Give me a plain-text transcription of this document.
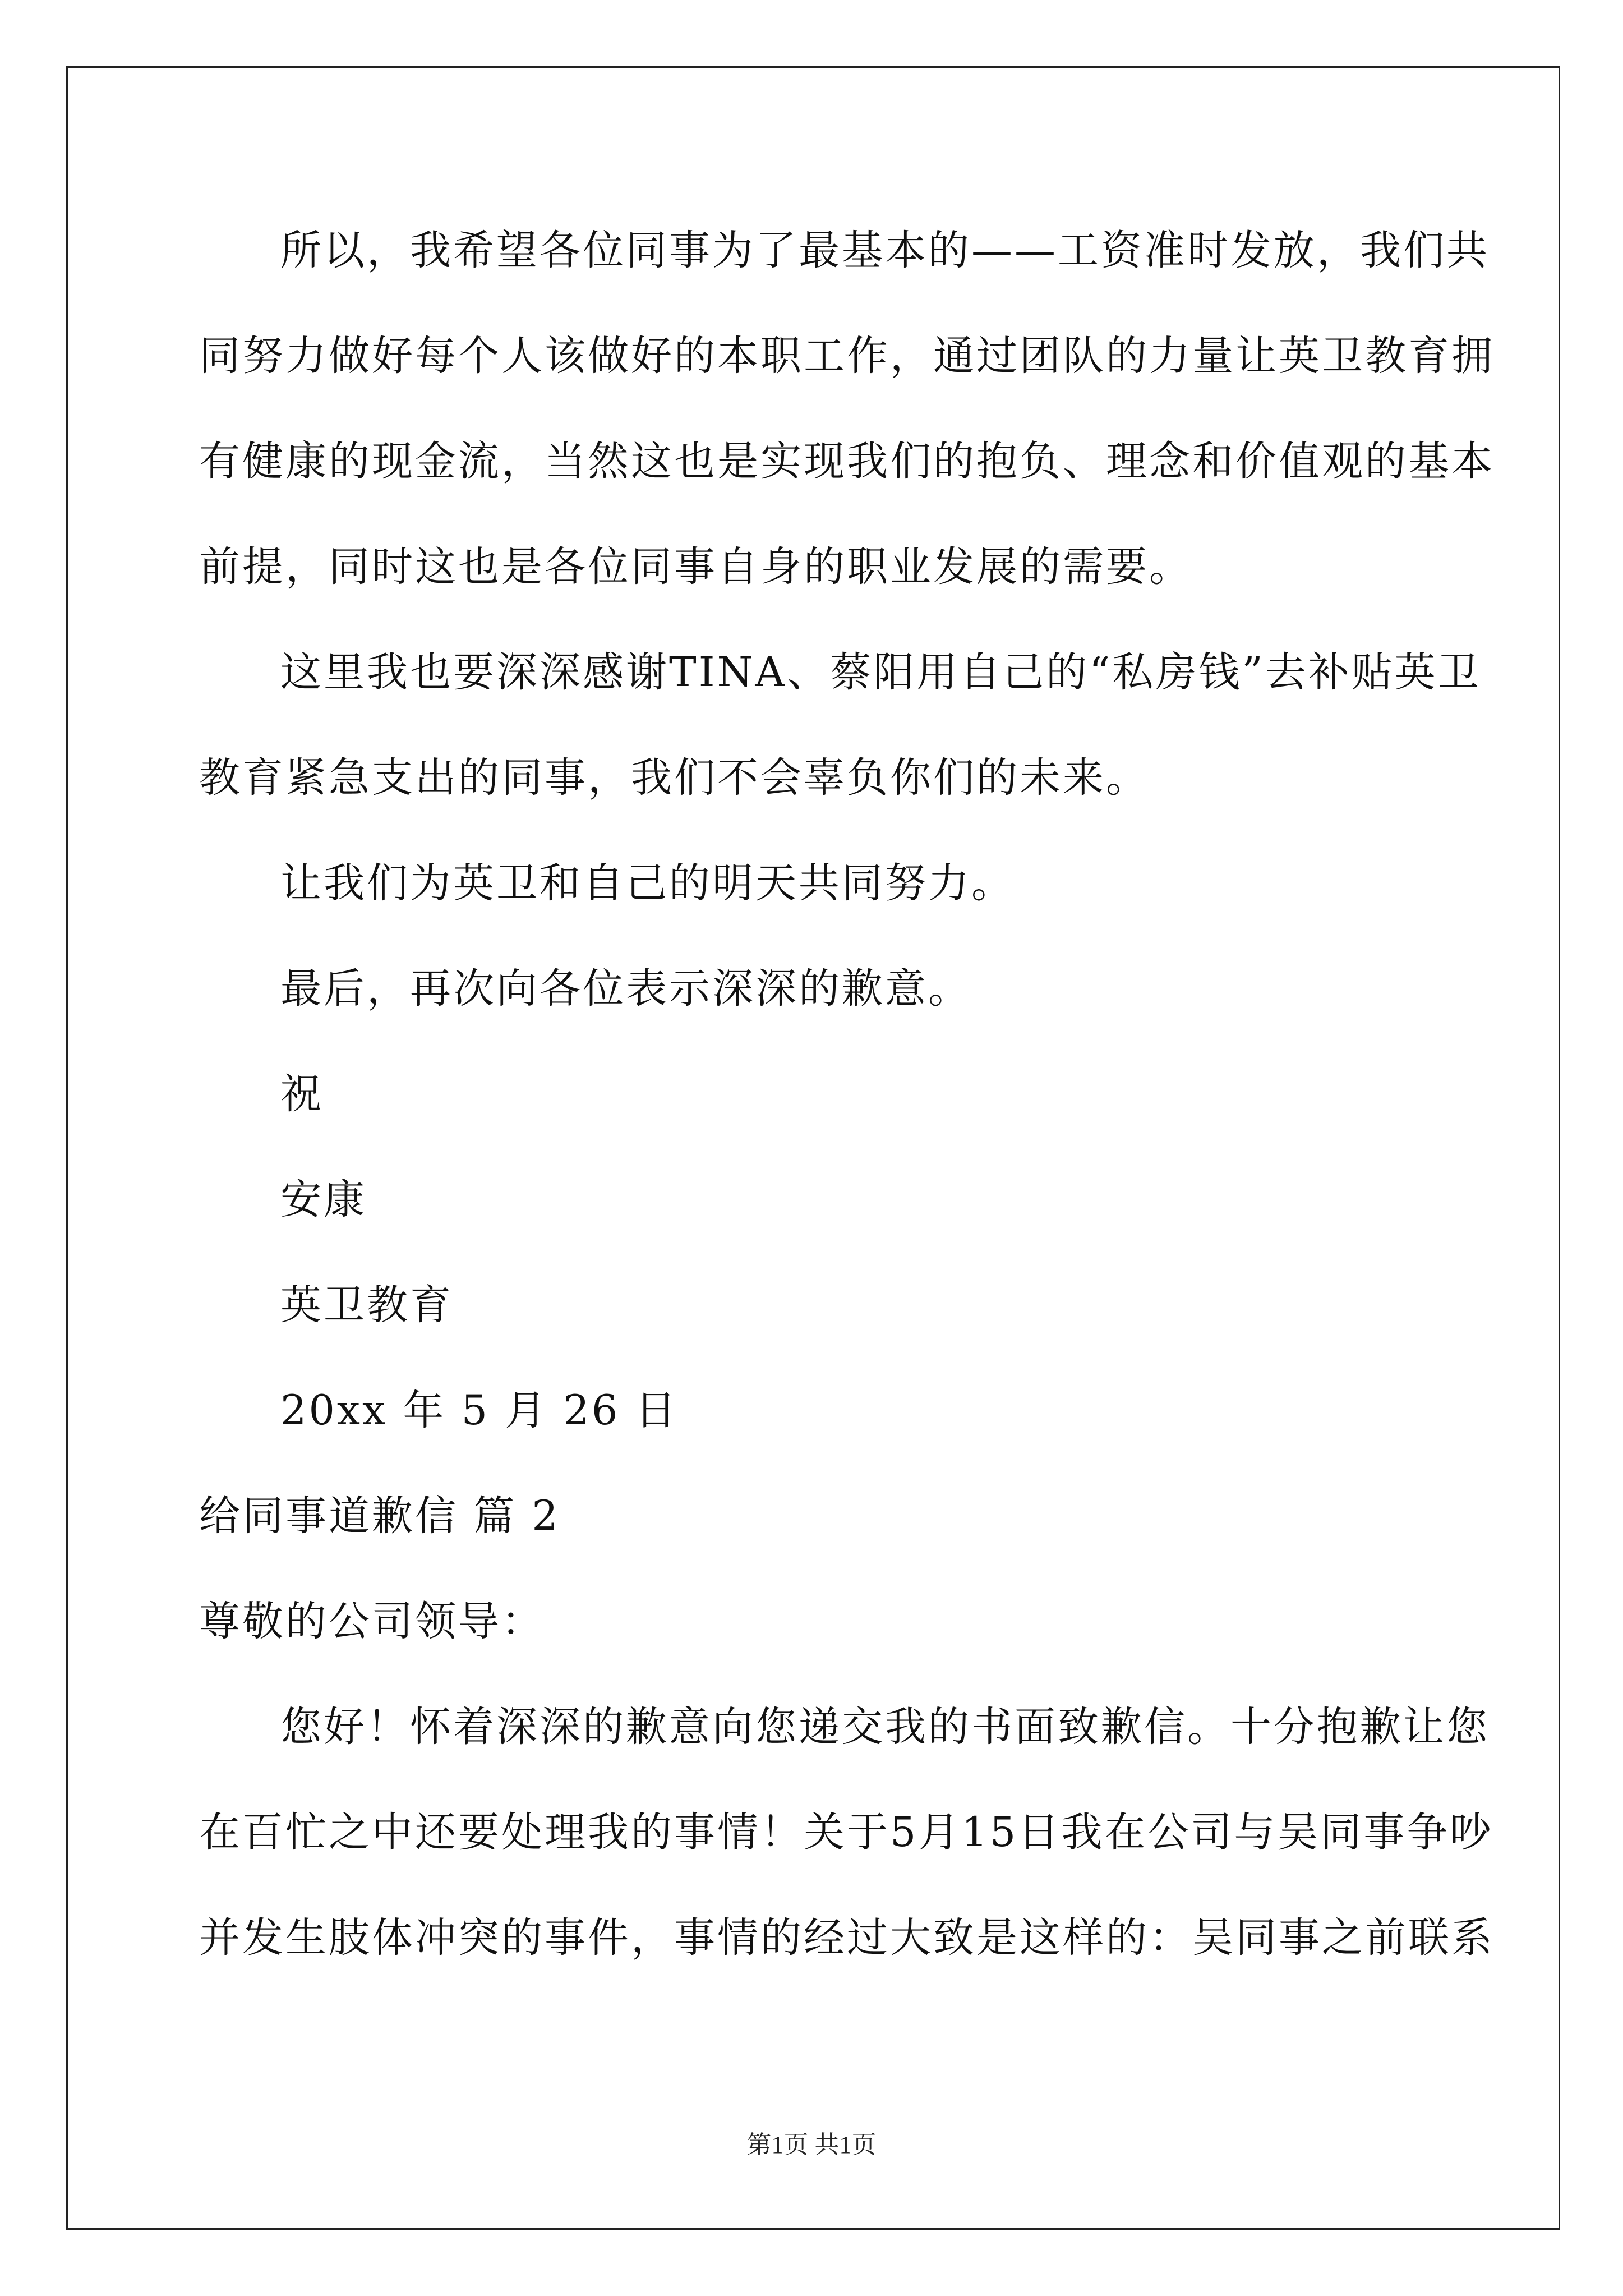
所以，我希望各位同事为了最基本的——工资准时发放，我们共
同努力做好每个人该做好的本职工作，通过团队的力量让英卫教育拥
有健康的现金流，当然这也是实现我们的抱负、理念和价值观的基本
前提，同时这也是各位同事自身的职业发展的需要。
这里我也要深深感谢TINA、蔡阳用自己的“私房钱”去补贴英卫
教育紧急支出的同事，我们不会辜负你们的未来。
让我们为英卫和自己的明天共同努力。
最后，再次向各位表示深深的歉意。
祝
安康
英卫教育
20xx 年 5 月 26 日
给同事道歉信 篇 2
尊敬的公司领导：
您好！怀着深深的歉意向您递交我的书面致歉信。十分抱歉让您
在百忙之中还要处理我的事情！关于5月15日我在公司与吴同事争吵
并发生肢体冲突的事件，事情的经过大致是这样的：吴同事之前联系
第1页 共1页
